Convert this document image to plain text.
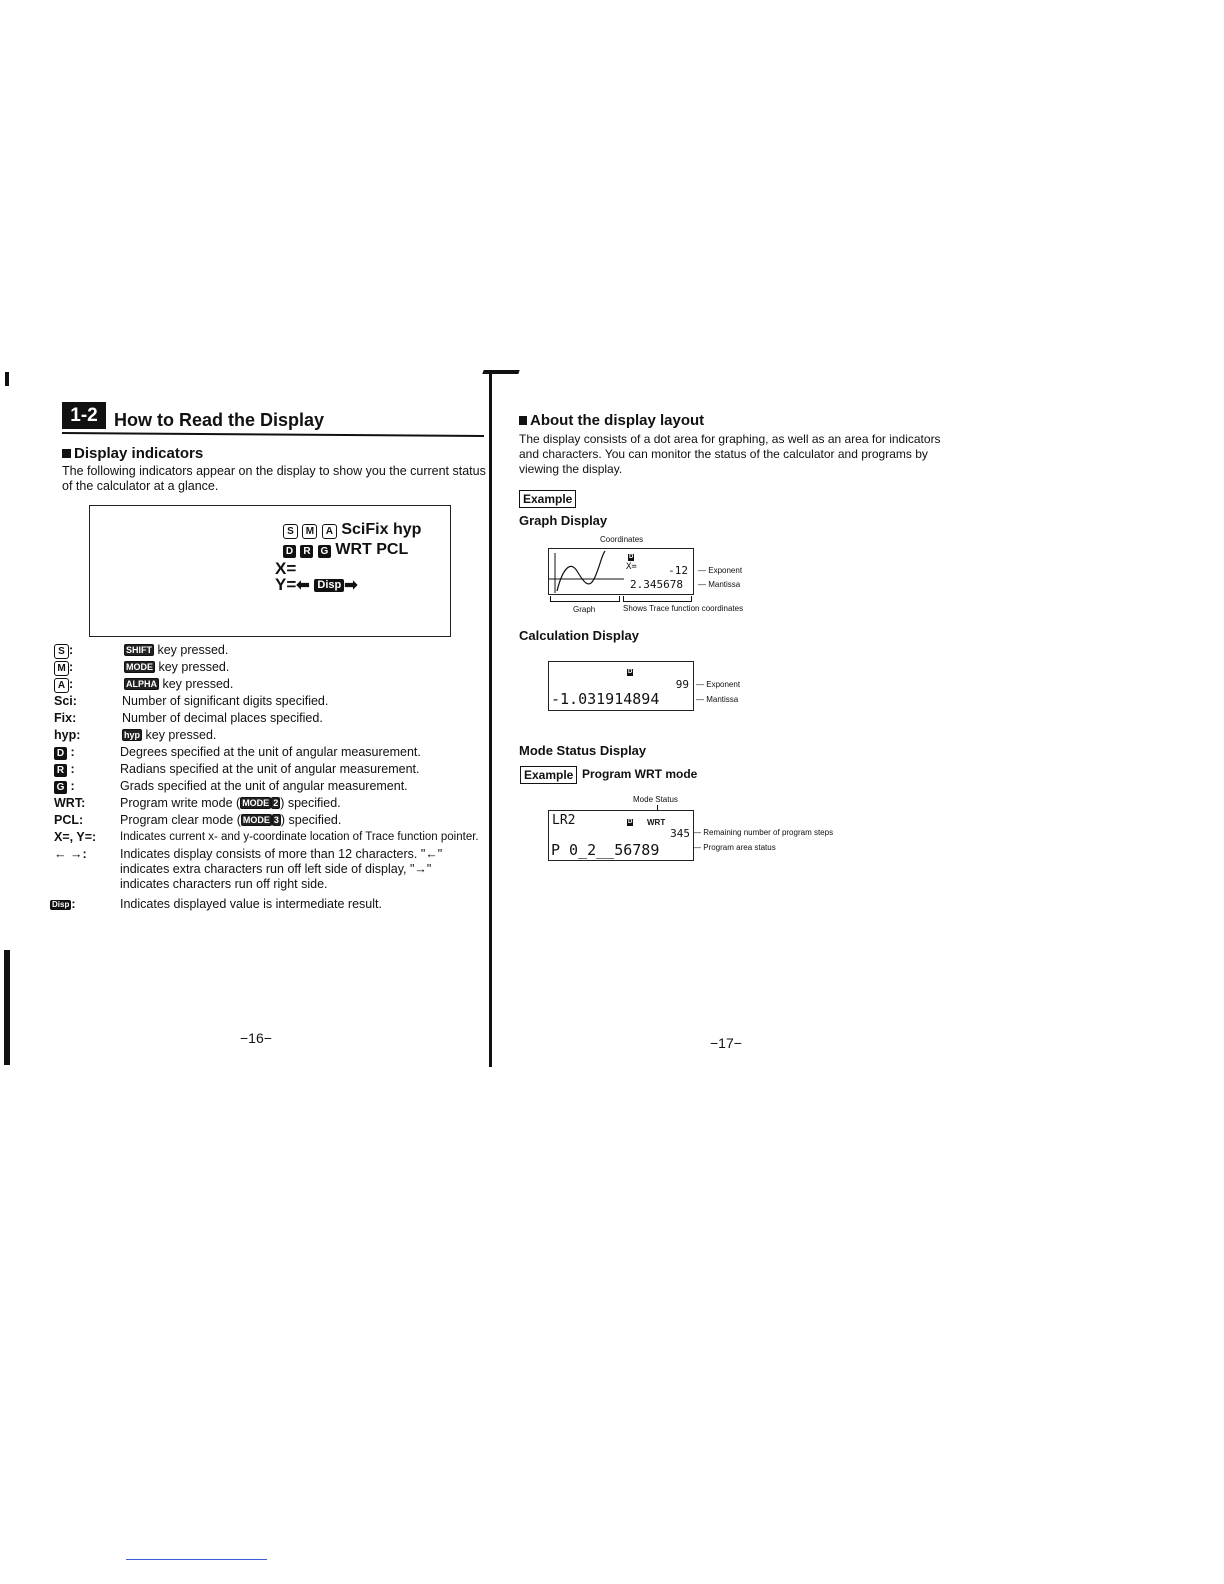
1-2 How to Read the Display
Display indicators
The following indicators appear on the display to show you the current status of the calculator at a glance.
S M A SciFix hyp
D R G WRT PCL
X=
Y=⬅ Disp ➡
S :	SHIFT key pressed.
M :	MODE key pressed.
A :	ALPHA key pressed.
Sci:	Number of significant digits specified.
Fix:	Number of decimal places specified.
hyp:	hyp key pressed.
D :	Degrees specified at the unit of angular measurement.
R :	Radians specified at the unit of angular measurement.
G :	Grads specified at the unit of angular measurement.
WRT:	Program write mode ( MODE 2 ) specified.
PCL:	Program clear mode ( MODE 3 ) specified.
X=, Y=: Indicates current x- and y-coordinate location of Trace function pointer.
← →:	Indicates display consists of more than 12 characters. "←" indicates extra characters run off left side of display, "→" indicates characters run off right side.
Disp :	Indicates displayed value is intermediate result.
−16−
About the display layout
The display consists of a dot area for graphing, as well as an area for indicators and characters. You can monitor the status of the calculator and programs by viewing the display.
Example
Graph Display
Coordinates
D
X=	-12
2.345678
— Exponent
— Mantissa
Graph	Shows Trace function coordinates
Calculation Display
D
99
-1.031914894
— Exponent
— Mantissa
Mode Status Display
Example Program WRT mode
Mode Status
LR2	D WRT
345
P 0_2__56789
— Remaining number of program steps
— Program area status
−17−
